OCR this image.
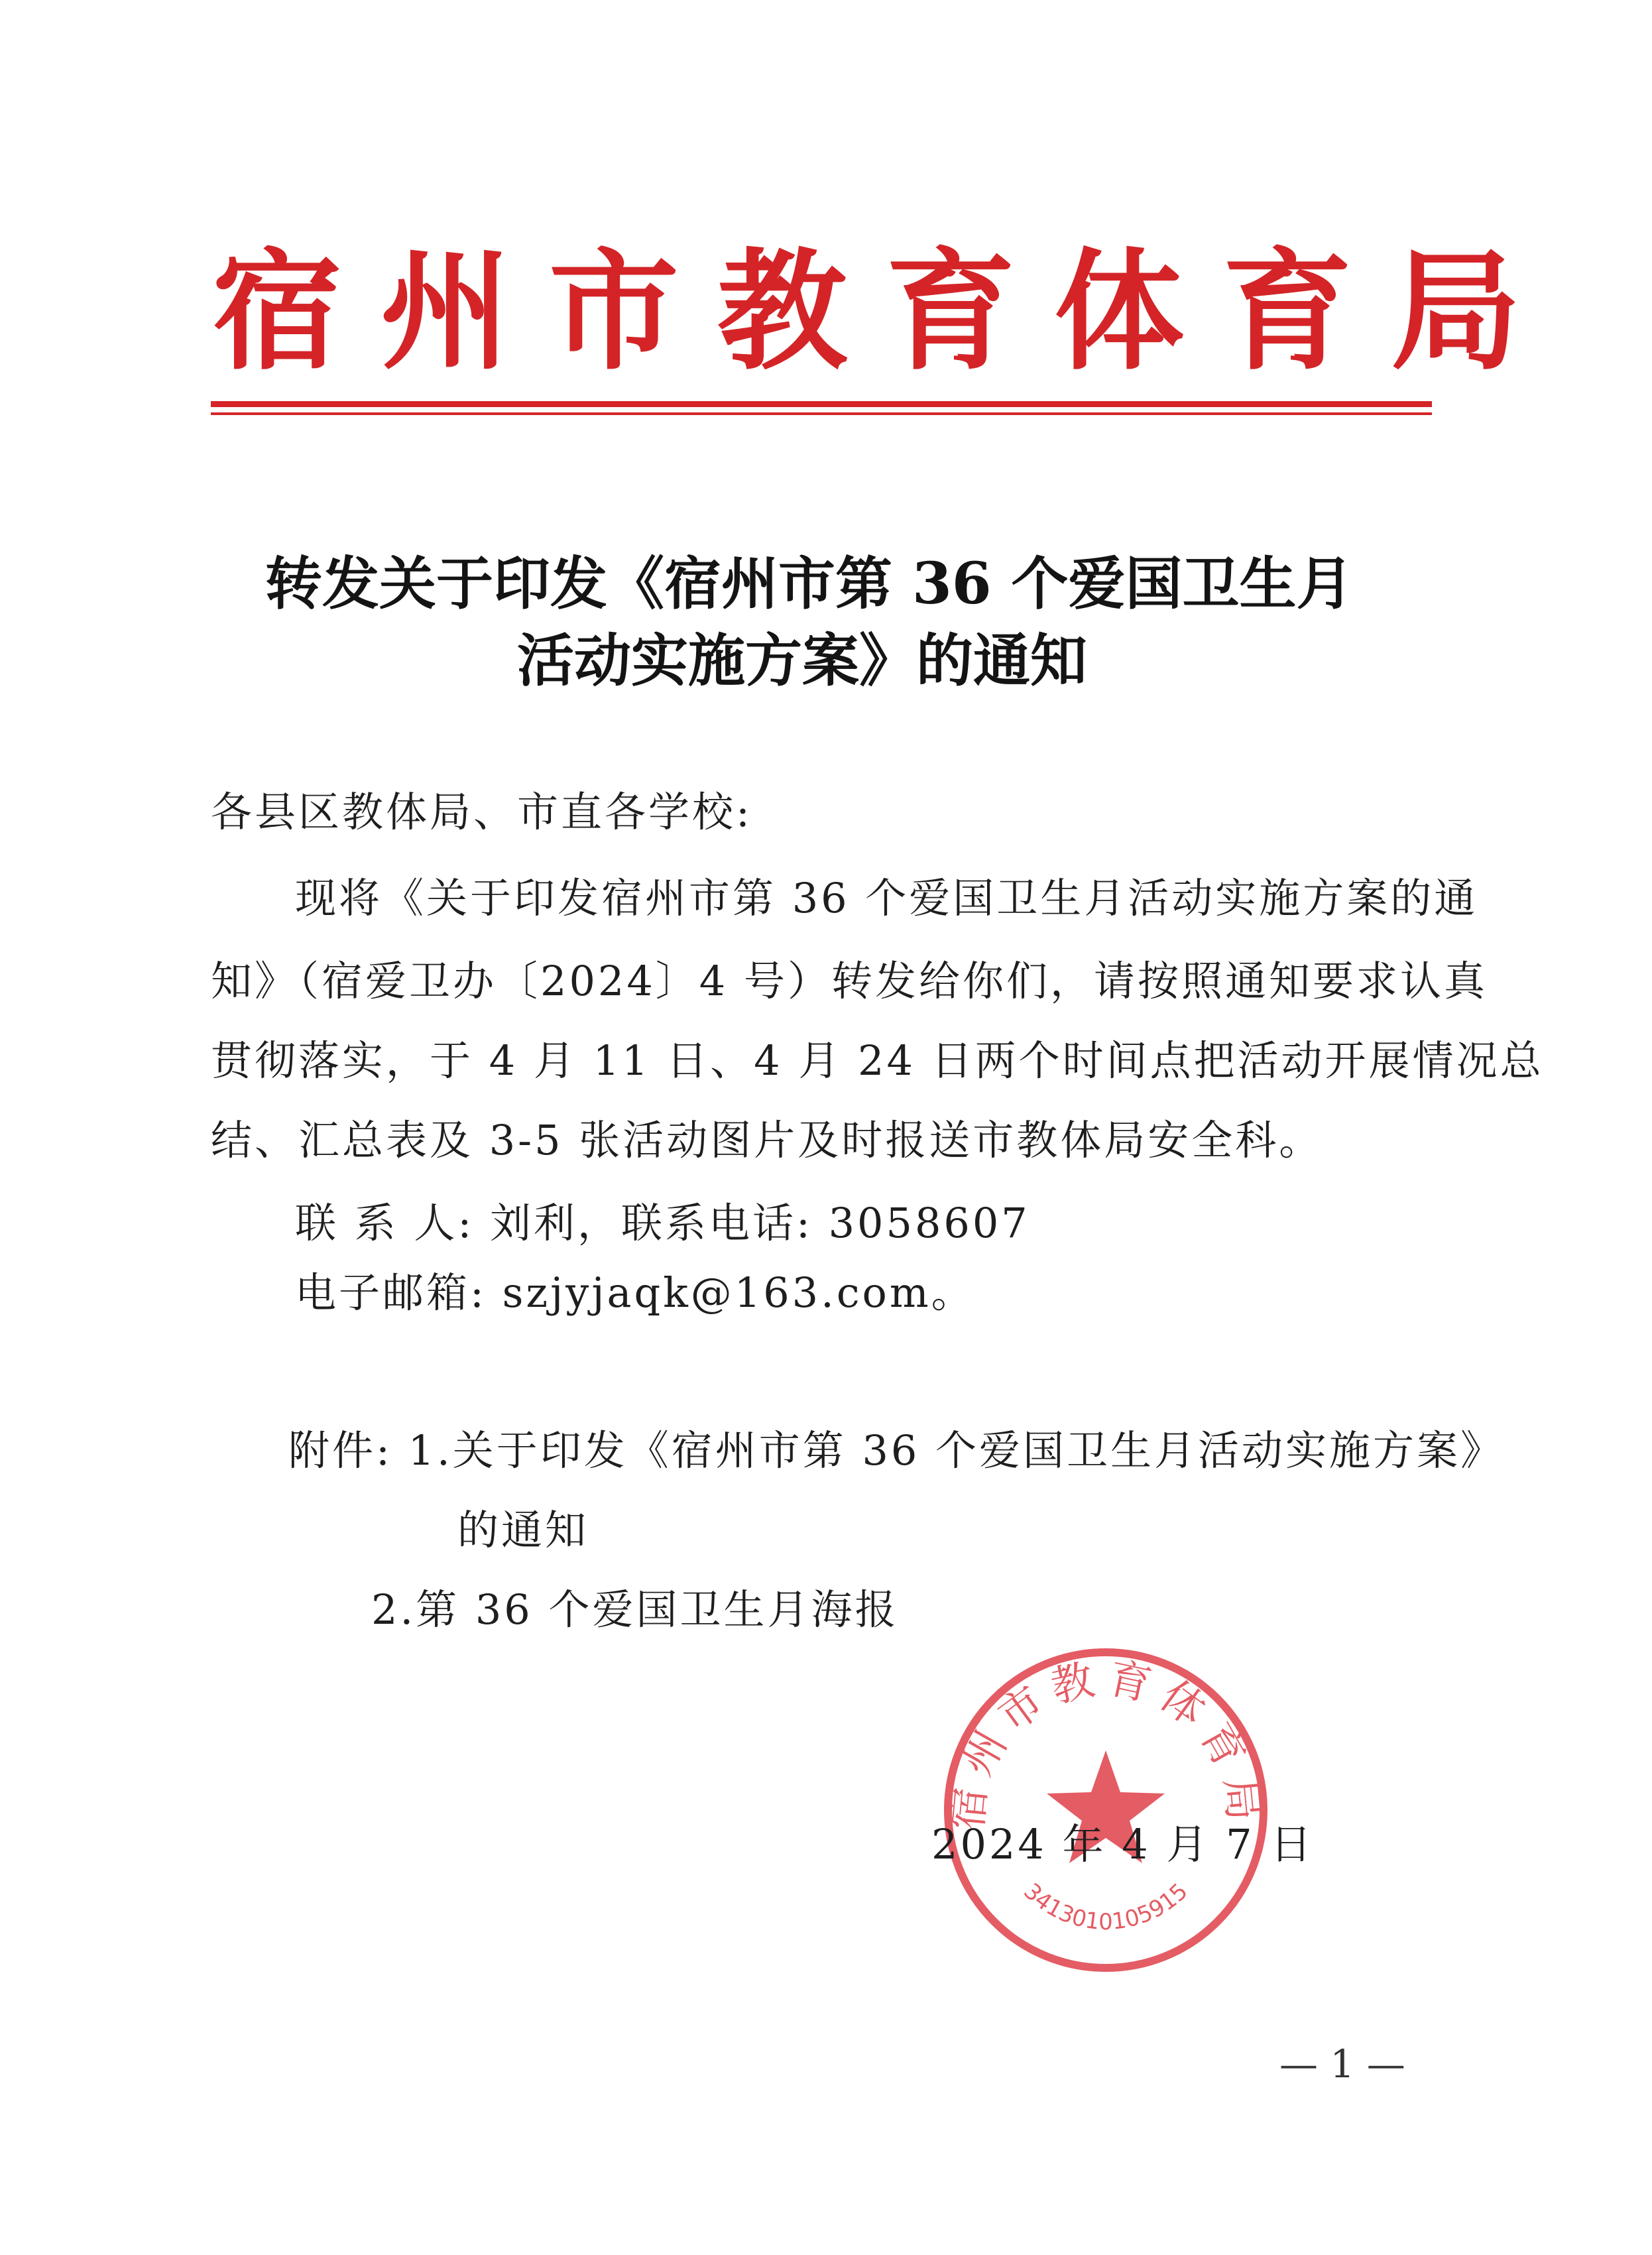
宿州市教育体育局
转发关于印发《宿州市第 36 个爱国卫生月
活动实施方案》的通知
各县区教体局、市直各学校:
现将《关于印发宿州市第 36 个爱国卫生月活动实施方案的通
知》（宿爱卫办〔2024〕4 号）转发给你们，请按照通知要求认真
贯彻落实，于 4 月 11 日、4 月 24 日两个时间点把活动开展情况总
结、汇总表及 3-5 张活动图片及时报送市教体局安全科。
联 系 人: 刘利，联系电话: 3058607
电子邮箱: szjyjaqk@163.com。
附件: 1.关于印发《宿州市第 36 个爱国卫生月活动实施方案》
的通知
2.第 36 个爱国卫生月海报
宿州市教育体育局
3413010105915
2024 年 4 月 7 日
— 1 —
